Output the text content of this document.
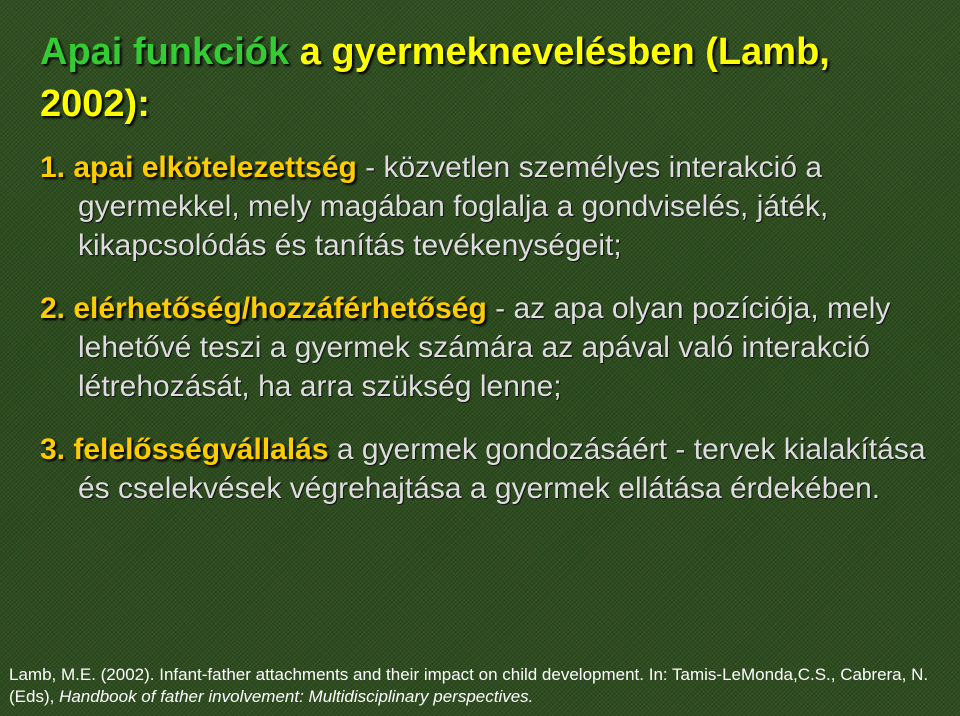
Apai funkciók a gyermeknevelésben (Lamb, 2002):
1. apai elkötelezettség - közvetlen személyes interakció a gyermekkel, mely magában foglalja a gondviselés, játék, kikapcsolódás és tanítás tevékenységeit;
2. elérhetőség/hozzáférhetőség - az apa olyan pozíciója, mely lehetővé teszi a gyermek számára az apával való interakció létrehozását, ha arra szükség lenne;
3. felelősségvállalás a gyermek gondozásáért - tervek kialakítása és cselekvések végrehajtása a gyermek ellátása érdekében.
Lamb, M.E. (2002). Infant-father attachments and their impact on child development. In: Tamis-LeMonda,C.S., Cabrera, N. (Eds), Handbook of father involvement: Multidisciplinary perspectives.
